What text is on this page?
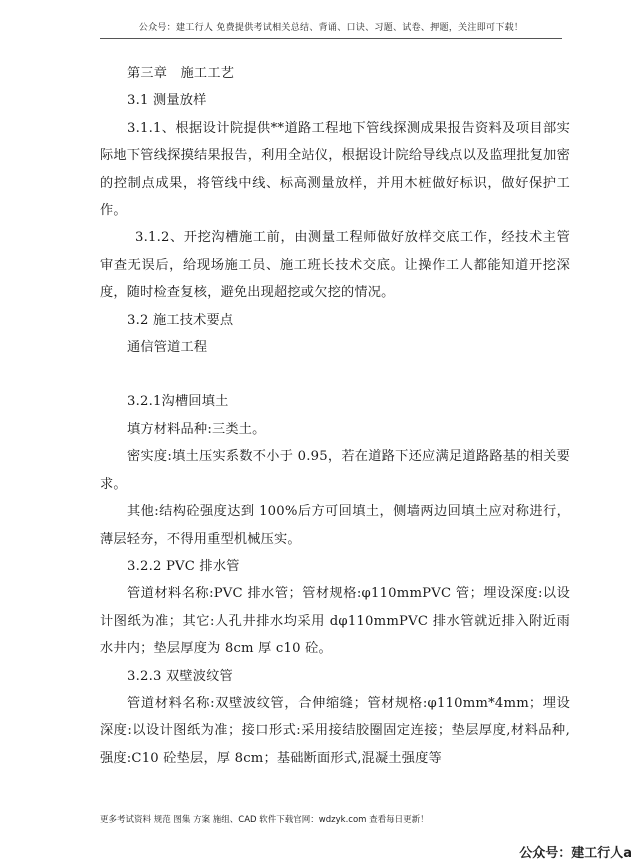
公众号：建工行人 免费提供考试相关总结、背诵、口诀、习题、试卷、押题，关注即可下载！

第三章　施工工艺

3.1 测量放样

3.1.1、根据设计院提供**道路工程地下管线探测成果报告资料及项目部实际地下管线探摸结果报告，利用全站仪，根据设计院给导线点以及监理批复加密的控制点成果，将管线中线、标高测量放样，并用木桩做好标识，做好保护工作。

3.1.2、开挖沟槽施工前，由测量工程师做好放样交底工作，经技术主管审查无误后，给现场施工员、施工班长技术交底。让操作工人都能知道开挖深度，随时检查复核，避免出现超挖或欠挖的情况。

3.2 施工技术要点

通信管道工程

3.2.1沟槽回填土

填方材料品种:三类土。

密实度:填土压实系数不小于 0.95，若在道路下还应满足道路路基的相关要求。

其他:结构砼强度达到 100%后方可回填土，侧墙两边回填土应对称进行，薄层轻夯，不得用重型机械压实。

3.2.2 PVC 排水管

管道材料名称:PVC 排水管；管材规格:φ110mmPVC 管；埋设深度:以设计图纸为准；其它:人孔井排水均采用 dφ110mmPVC 排水管就近排入附近雨水井内；垫层厚度为 8cm 厚 c10 砼。

3.2.3 双壁波纹管

管道材料名称:双壁波纹管，合伸缩缝；管材规格:φ110mm*4mm；埋设深度:以设计图纸为准；接口形式:采用接结胶圈固定连接；垫层厚度,材料品种,强度:C10 砼垫层，厚 8cm；基础断面形式,混凝土强度等

更多考试资料 规范 图集 方案 施组、CAD 软件下载官网：wdzyk.com 查看每日更新！
公众号：建工行人a
